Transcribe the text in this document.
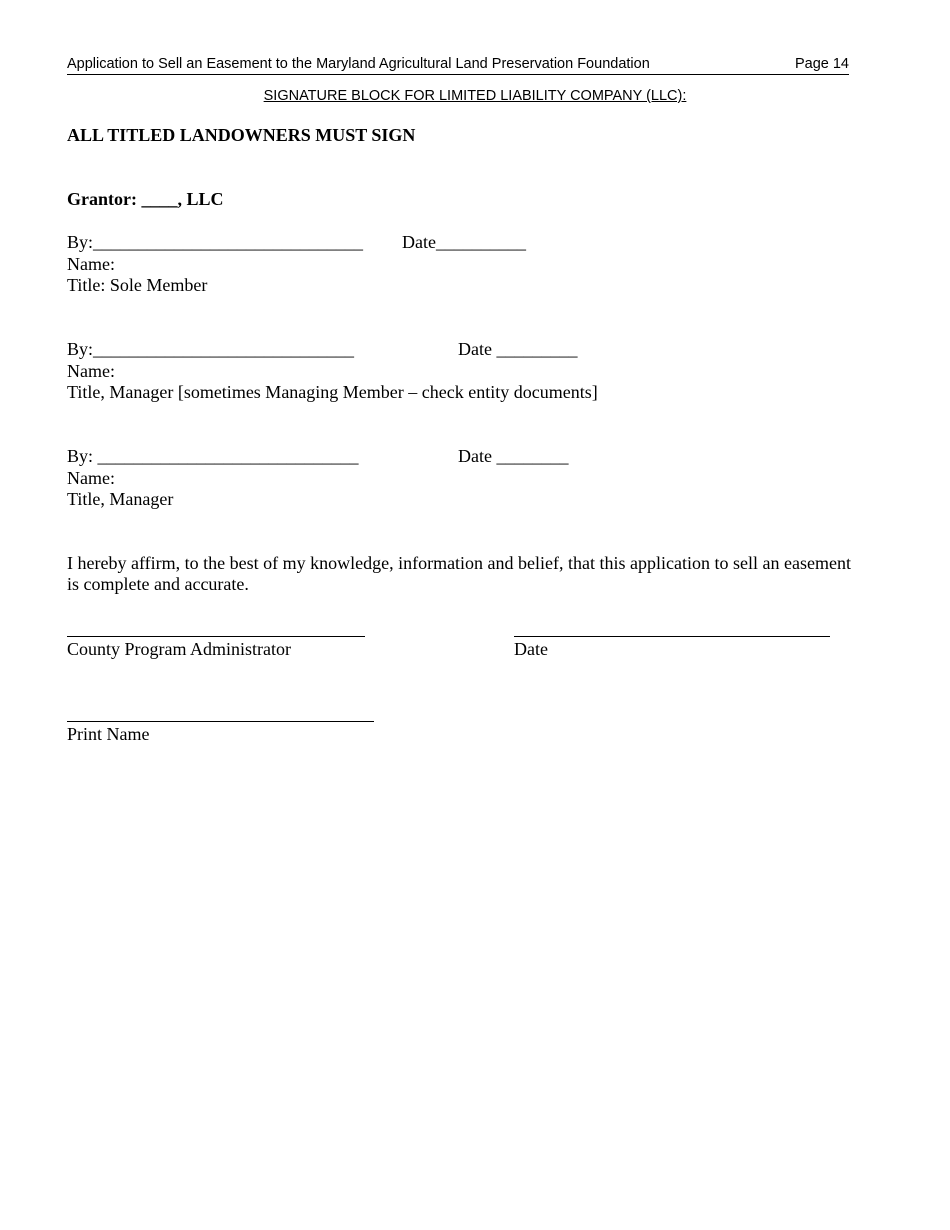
Application to Sell an Easement to the Maryland Agricultural Land Preservation Foundation	Page 14
SIGNATURE BLOCK FOR LIMITED LIABILITY COMPANY (LLC):
ALL TITLED LANDOWNERS MUST SIGN
Grantor: ____, LLC
By:______________________________ Date__________
Name:
Title: Sole Member
By:_____________________________	Date _________
Name:
Title, Manager [sometimes Managing Member – check entity documents]
By: _____________________________	Date ________
Name:
Title, Manager
I hereby affirm, to the best of my knowledge, information and belief, that this application to sell an easement
is complete and accurate.
County Program Administrator	Date
Print Name
